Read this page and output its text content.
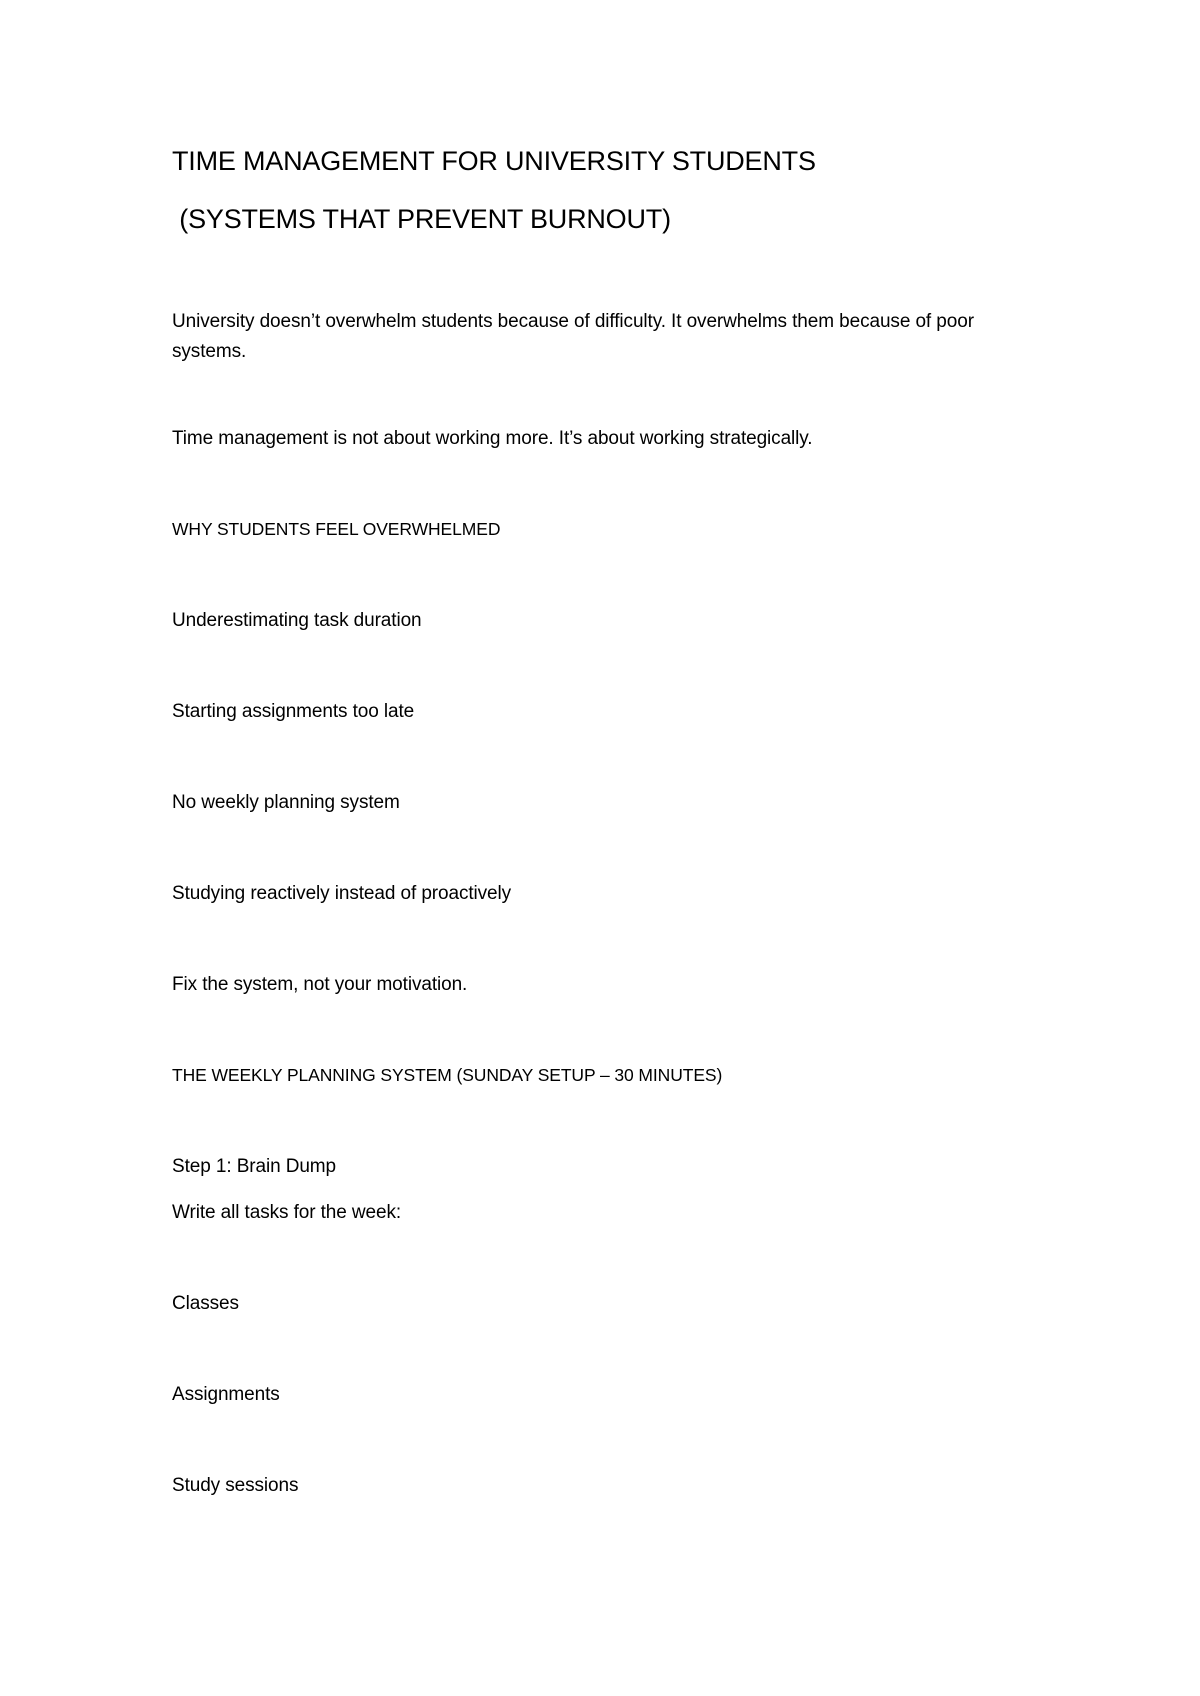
TIME MANAGEMENT FOR UNIVERSITY STUDENTS

(SYSTEMS THAT PREVENT BURNOUT)

University doesn’t overwhelm students because of difficulty. It overwhelms them because of poor systems.

Time management is not about working more. It’s about working strategically.

WHY STUDENTS FEEL OVERWHELMED

Underestimating task duration

Starting assignments too late

No weekly planning system

Studying reactively instead of proactively

Fix the system, not your motivation.

THE WEEKLY PLANNING SYSTEM (SUNDAY SETUP – 30 MINUTES)

Step 1: Brain Dump

Write all tasks for the week:

Classes

Assignments

Study sessions
